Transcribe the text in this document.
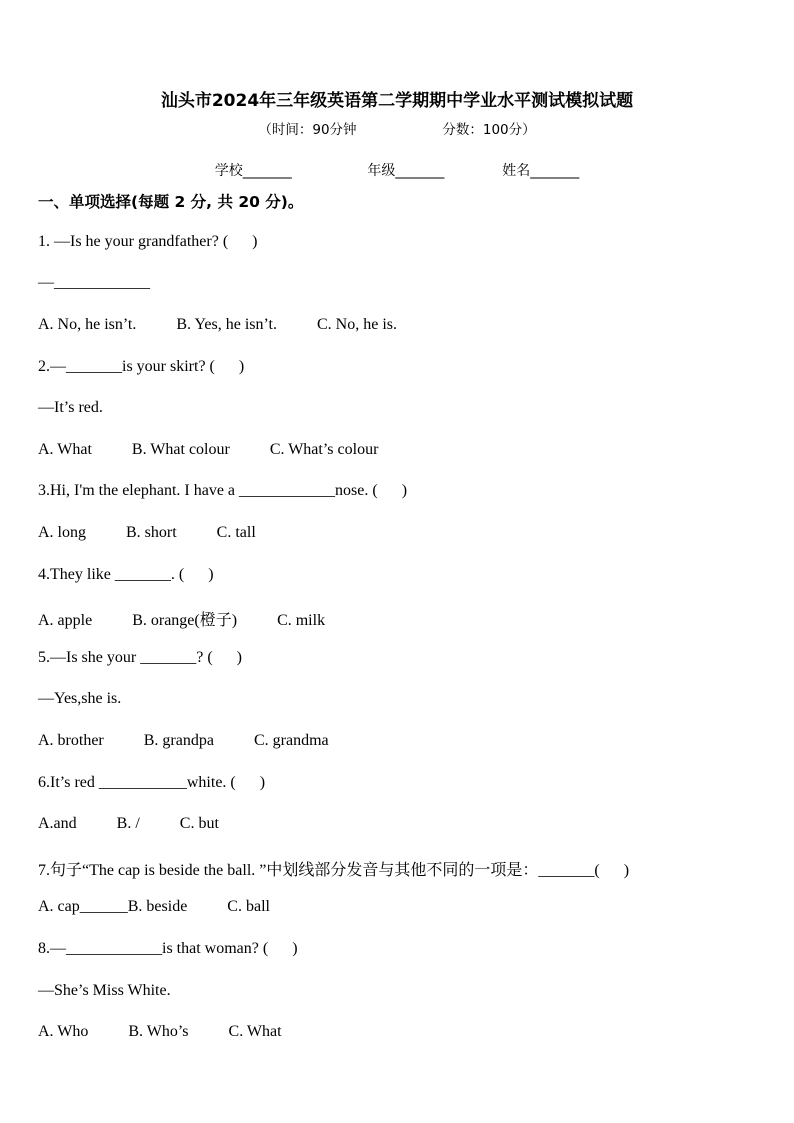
汕头市2024年三年级英语第二学期期中学业水平测试模拟试题
（时间：90分钟                    分数：100分）
学校_______                 年级_______             姓名_______
一、单项选择(每题 2 分, 共 20 分)。
1. —Is he your grandfather? (      )
—____________
A. No, he isn’t.          B. Yes, he isn’t.          C. No, he is.
2.—_______is your skirt? (      )
—It’s red.
A. What          B. What colour          C. What’s colour
3.Hi, I'm the elephant. I have a ____________nose. (      )
A. long          B. short          C. tall
4.They like _______. (      )
A. apple          B. orange(橙子)          C. milk
5.—Is she your _______? (      )
—Yes,she is.
A. brother          B. grandpa          C. grandma
6.It’s red ___________white. (      )
A.and          B. /          C. but
7.句子“The cap is beside the ball. ”中划线部分发音与其他不同的一项是：_______(      )
A. cap______B. beside          C. ball
8.—____________is that woman? (      )
—She’s Miss White.
A. Who          B. Who’s          C. What
